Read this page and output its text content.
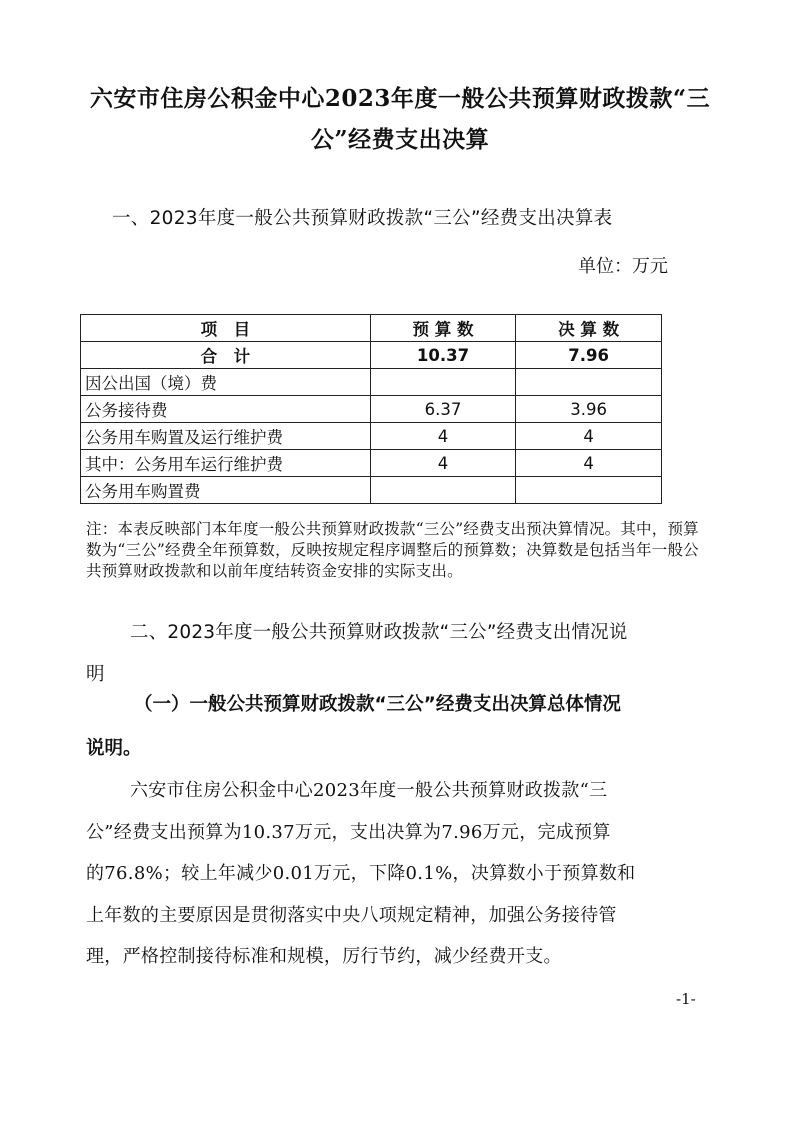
六安市住房公积金中心2023年度一般公共预算财政拨款“三
公”经费支出决算
一、2023年度一般公共预算财政拨款“三公”经费支出决算表
单位：万元
项　目	预 算 数	决 算 数
合　计	10.37	7.96
因公出国（境）费		
公务接待费	6.37	3.96
公务用车购置及运行维护费	4	4
其中：公务用车运行维护费	4	4
公务用车购置费		
注：本表反映部门本年度一般公共预算财政拨款“三公”经费支出预决算情况。其中，预算数为“三公”经费全年预算数，反映按规定程序调整后的预算数；决算数是包括当年一般公共预算财政拨款和以前年度结转资金安排的实际支出。
二、2023年度一般公共预算财政拨款“三公”经费支出情况说
明
（一）一般公共预算财政拨款“三公”经费支出决算总体情况
说明。
六安市住房公积金中心2023年度一般公共预算财政拨款“三
公”经费支出预算为10.37万元，支出决算为7.96万元，完成预算
的76.8%；较上年减少0.01万元，下降0.1%，决算数小于预算数和
上年数的主要原因是贯彻落实中央八项规定精神，加强公务接待管
理，严格控制接待标准和规模，厉行节约，减少经费开支。
-1-
